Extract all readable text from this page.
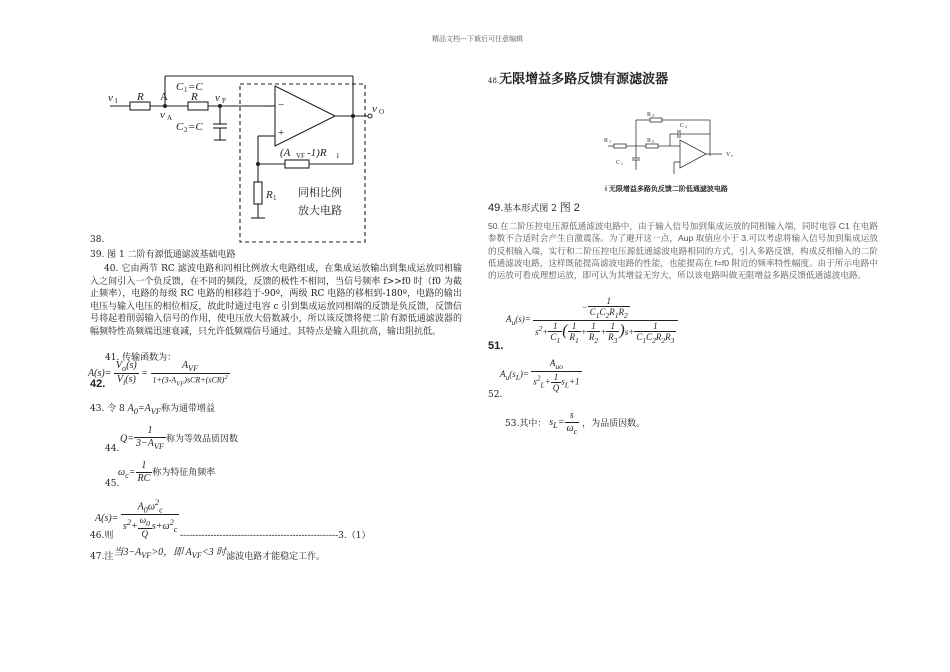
精品文档---下载后可任意编辑
v I R A R
C 1 =C
C 2 =C
v P
v A
v O
(A VF -1)R 1
R 1
−
+
同相比例
放大电路
38.
39. 图 1 二阶有源低通滤波基础电路
40. 它由两节 RC 滤波电路和同相比例放大电路组成，在集成运放输出到集成运放同相输入之间引入一个负反馈，在不同的频段，反馈的极性不相同，当信号频率 f>>f0 时（f0 为截止频率），电路的每级 RC 电路的相移趋于-90º，两级 RC 电路的移相到-180º，电路的输出电压与输入电压的相位相反，故此时通过电容 c 引到集成运放同相端的反馈是负反馈，反馈信号将起着削弱输入信号的作用，使电压放大倍数减小，所以该反馈将使二阶有源低通滤波器的幅频特性高频端迅速衰减，只允许低频端信号通过。其特点是输入阻抗高，输出阻抗低。
41. 传输函数为：
42.
$A(s)= \frac{V_o(s)}{V_i(s)} = \frac{A_{VF}}{1+(3-A_{VF})sCR+(sCR)^2}$
43. 令 8 $A_0=A_{VF}$称为通带增益
44.
$Q= \frac{1}{3-A_{VF}}$ 称为等效品质因数
45.
$\omega_c= \frac{1}{RC}$ 称为特征角频率
46.则
$A(s)= \frac{A_0\omega^2_c}{s^2+ \frac{\omega_0}{Q} s+\omega^2_c} ----------------------------------------------------3.(1)$
47.注当$3-A_{VF}>0$，即 $A_{VF}<3$ 时滤波电路才能稳定工作。
48.无限增益多路反馈有源滤波器
R 1	R 3
R 2
C 2
C 1
V o
i 无限增益多路负反馈二阶低通滤波电路
49.基本形式图 2 图 2
50.在二阶压控电压源低通滤波电路中，由于输入信号加到集成运放的同相输入端，同时电容 C1 在电路参数不合适时会产生自激震荡。为了避开这一点，Aup 取值应小于 3.可以考虑将输入信号加到集成运放的反相输入端，实行和二阶压控电压源低通滤波电路相同的方式，引入多路反馈，构成反相输入的二阶低通滤波电路，这样既能提高滤波电路的性能，也能提高在 f=f0 附近的频率特性幅度。由于所示电路中的运放可看成理想运放，即可认为其增益无穷大，所以该电路叫做无限增益多路反馈低通滤波电路。
51.
$A_u(s)= \frac{- \frac{1}{C_1C_2R_1R_2}}{s^2+ \frac{1}{C_1} ( \frac{1}{R_1} + \frac{1}{R_2} + \frac{1}{R_3} )s+ \frac{1}{C_1C_2R_2R_3}}$
52.
$A_u(s_L)= \frac{A_{uo}}{s^2_L+ \frac{1}{Q} s_L+1}$
53.其中： $s_L= \frac{s}{\omega_c}$ ，为品质因数。
